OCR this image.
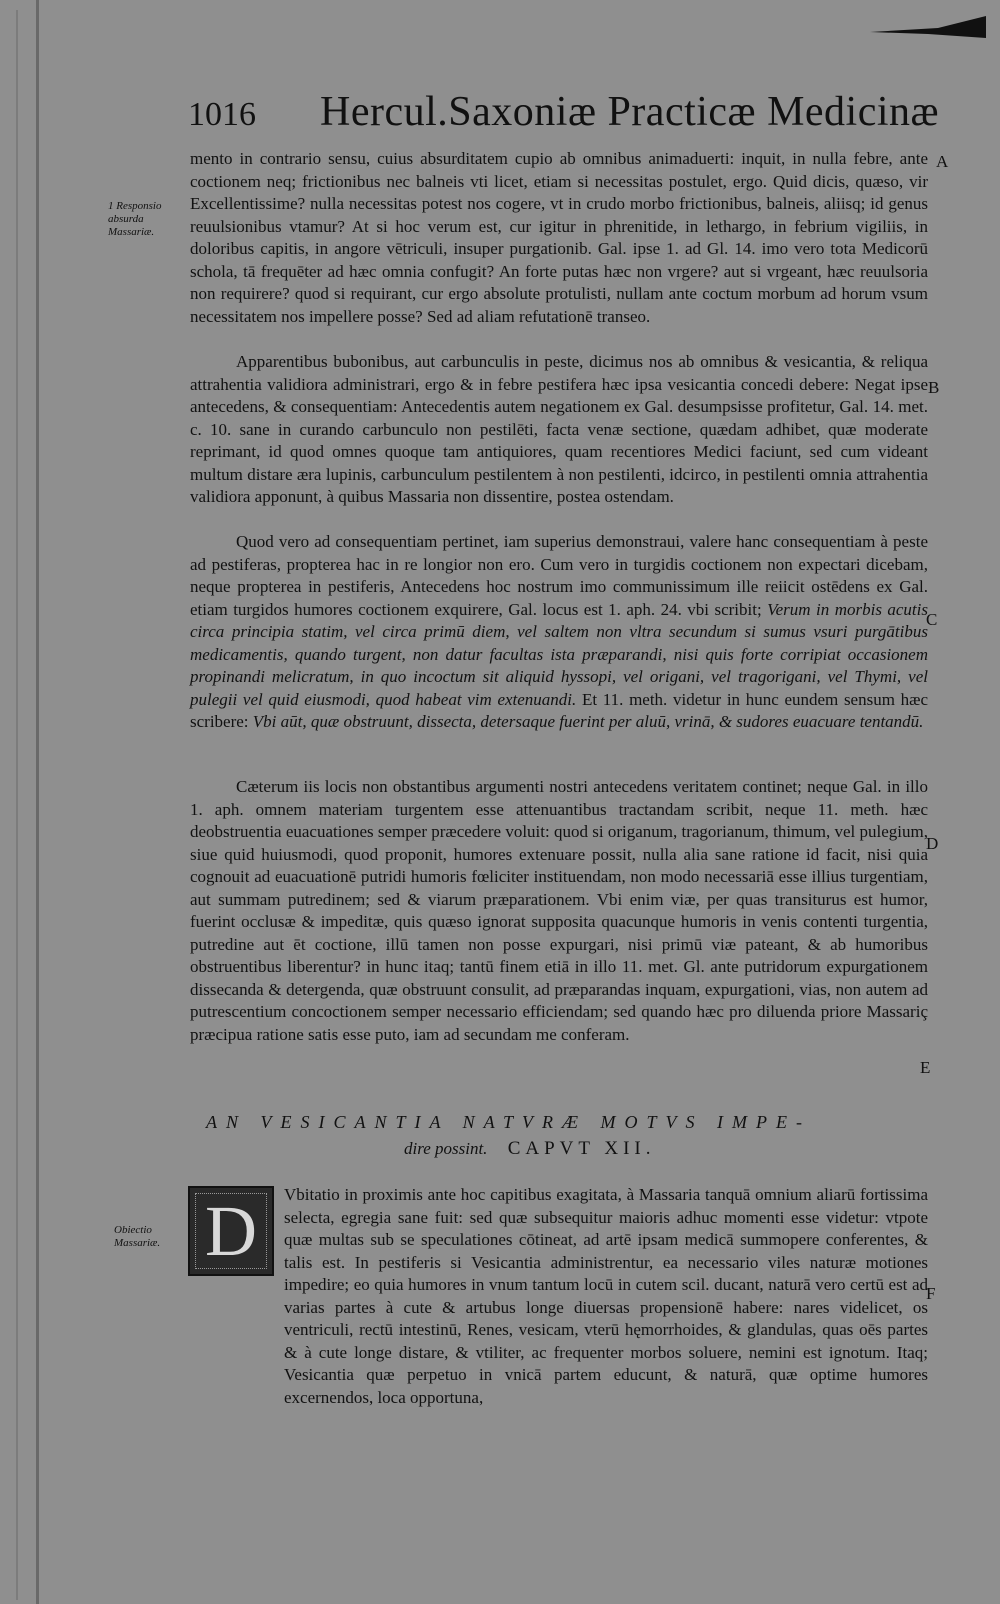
1016 Hercul.Saxoniæ Practicæ Medicinæ
1 Responsio absurda Massariæ.
A
B
C
D
E
F

mento in contrario sensu, cuius absurditatem cupio ab omnibus animaduerti: inquit, in nulla febre, ante coctionem neq; frictionibus nec balneis vti licet, etiam si necessitas postulet, ergo. Quid dicis, quæso, vir Excellentissime? nulla necessitas potest nos cogere, vt in crudo morbo frictionibus, balneis, aliisq; id genus reuulsionibus vtamur? At si hoc verum est, cur igitur in phrenitide, in lethargo, in febrium vigiliis, in doloribus capitis, in angore vētriculi, insuper purgationib. Gal. ipse 1. ad Gl. 14. imo vero tota Medicorū schola, tā frequēter ad hæc omnia confugit? An forte putas hæc non vrgere? aut si vrgeant, hæc reuulsoria non requirere? quod si requirant, cur ergo absolute protulisti, nullam ante coctum morbum ad horum vsum necessitatem nos impellere posse? Sed ad aliam refutationē transeo.

Apparentibus bubonibus, aut carbunculis in peste, dicimus nos ab omnibus & vesicantia, & reliqua attrahentia validiora administrari, ergo & in febre pestifera hæc ipsa vesicantia concedi debere: Negat ipse antecedens, & consequentiam: Antecedentis autem negationem ex Gal. desumpsisse profitetur, Gal. 14. met. c. 10. sane in curando carbunculo non pestilēti, facta venæ sectione, quædam adhibet, quæ moderate reprimant, id quod omnes quoque tam antiquiores, quam recentiores Medici faciunt, sed cum videant multum distare æra lupinis, carbunculum pestilentem à non pestilenti, idcirco, in pestilenti omnia attrahentia validiora apponunt, à quibus Massaria non dissentire, postea ostendam.

Quod vero ad consequentiam pertinet, iam superius demonstraui, valere hanc consequentiam à peste ad pestiferas, propterea hac in re longior non ero. Cum vero in turgidis coctionem non expectari dicebam, neque propterea in pestiferis, Antecedens hoc nostrum imo communissimum ille reiicit ostēdens ex Gal. etiam turgidos humores coctionem exquirere, Gal. locus est 1. aph. 24. vbi scribit; Verum in morbis acutis circa principia statim, vel circa primū diem, vel saltem non vltra secundum si sumus vsuri purgātibus medicamentis, quando turgent, non datur facultas ista præparandi, nisi quis forte corripiat occasionem propinandi melicratum, in quo incoctum sit aliquid hyssopi, vel origani, vel tragorigani, vel Thymi, vel pulegii vel quid eiusmodi, quod habeat vim extenuandi. Et 11. meth. videtur in hunc eundem sensum hæc scribere: Vbi aūt, quæ obstruunt, dissecta, detersaque fuerint per aluū, vrinā, & sudores euacuare tentandū.

Cæterum iis locis non obstantibus argumenti nostri antecedens veritatem continet; neque Gal. in illo 1. aph. omnem materiam turgentem esse attenuantibus tractandam scribit, neque 11. meth. hæc deobstruentia euacuationes semper præcedere voluit: quod si origanum, tragorianum, thimum, vel pulegium, siue quid huiusmodi, quod proponit, humores extenuare possit, nulla alia sane ratione id facit, nisi quia cognouit ad euacuationē putridi humoris fœliciter instituendam, non modo necessariā esse illius turgentiam, aut summam putredinem; sed & viarum præparationem. Vbi enim viæ, per quas transiturus est humor, fuerint occlusæ & impeditæ, quis quæso ignorat supposita quacunque humoris in venis contenti turgentia, putredine aut ēt coctione, illū tamen non posse expurgari, nisi primū viæ pateant, & ab humoribus obstruentibus liberentur? in hunc itaq; tantū finem etiā in illo 11. met. Gl. ante putridorum expurgationem dissecanda & detergenda, quæ obstruunt consulit, ad præparandas inquam, expurgationi, vias, non autem ad putrescentium concoctionem semper necessario efficiendam; sed quando hæc pro diluenda priore Massariç præcipua ratione satis esse puto, iam ad secundam me conferam.

AN VESICANTIA NATVRÆ MOTVS IMPE-
dire possint. CAPVT XII.
Obiectio Massariæ. D	Vbitatio in proximis ante hoc capitibus exagitata, à Massaria tanquā omnium aliarū fortissima selecta, egregia sane fuit: sed quæ subsequitur maioris adhuc momenti esse videtur: vtpote quæ multas sub se speculationes cōtineat, ad artē ipsam medicā summopere conferentes, & talis est. In pestiferis si Vesicantia administrentur, ea necessario viles naturæ motiones impedire; eo quia humores in vnum tantum locū in cutem scil. ducant, naturā vero certū est ad varias partes à cute & artubus longe diuersas propensionē habere: nares videlicet, os ventriculi, rectū intestinū, Renes, vesicam, vterū hęmorrhoides, & glandulas, quas oēs partes & à cute longe distare, & vtiliter, ac frequenter morbos soluere, nemini est ignotum. Itaq; Vesicantia quæ perpetuo in vnicā partem educunt, & naturā, quæ optime humores excernendos, loca opportuna,
